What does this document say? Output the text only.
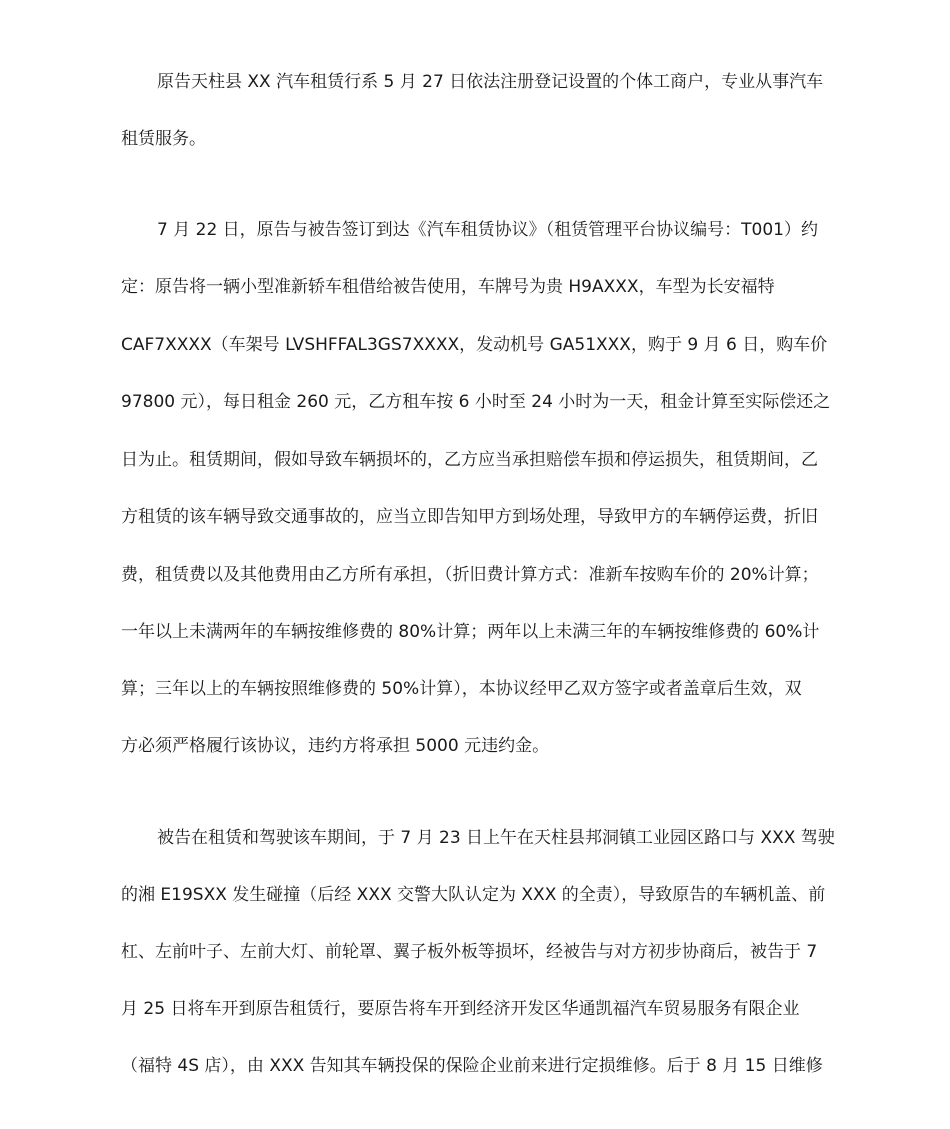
原告天柱县 XX 汽车租赁行系 5 月 27 日依法注册登记设置的个体工商户，专业从事汽车
租赁服务。
7 月 22 日，原告与被告签订到达《汽车租赁协议》（租赁管理平台协议编号：T001）约
定：原告将一辆小型准新轿车租借给被告使用，车牌号为贵 H9AXXX，车型为长安福特
CAF7XXXX（车架号 LVSHFFAL3GS7XXXX，发动机号 GA51XXX，购于 9 月 6 日，购车价
97800 元），每日租金 260 元，乙方租车按 6 小时至 24 小时为一天，租金计算至实际偿还之
日为止。租赁期间，假如导致车辆损坏的，乙方应当承担赔偿车损和停运损失，租赁期间，乙
方租赁的该车辆导致交通事故的，应当立即告知甲方到场处理，导致甲方的车辆停运费，折旧
费，租赁费以及其他费用由乙方所有承担，（折旧费计算方式：准新车按购车价的 20%计算；
一年以上未满两年的车辆按维修费的 80%计算；两年以上未满三年的车辆按维修费的 60%计
算；三年以上的车辆按照维修费的 50%计算），本协议经甲乙双方签字或者盖章后生效，双
方必须严格履行该协议，违约方将承担 5000 元违约金。
被告在租赁和驾驶该车期间，于 7 月 23 日上午在天柱县邦洞镇工业园区路口与 XXX 驾驶
的湘 E19SXX 发生碰撞（后经 XXX 交警大队认定为 XXX 的全责），导致原告的车辆机盖、前
杠、左前叶子、左前大灯、前轮罩、翼子板外板等损坏，经被告与对方初步协商后，被告于 7
月 25 日将车开到原告租赁行，要原告将车开到经济开发区华通凯福汽车贸易服务有限企业
（福特 4S 店），由 XXX 告知其车辆投保的保险企业前来进行定损维修。后于 8 月 15 日维修
